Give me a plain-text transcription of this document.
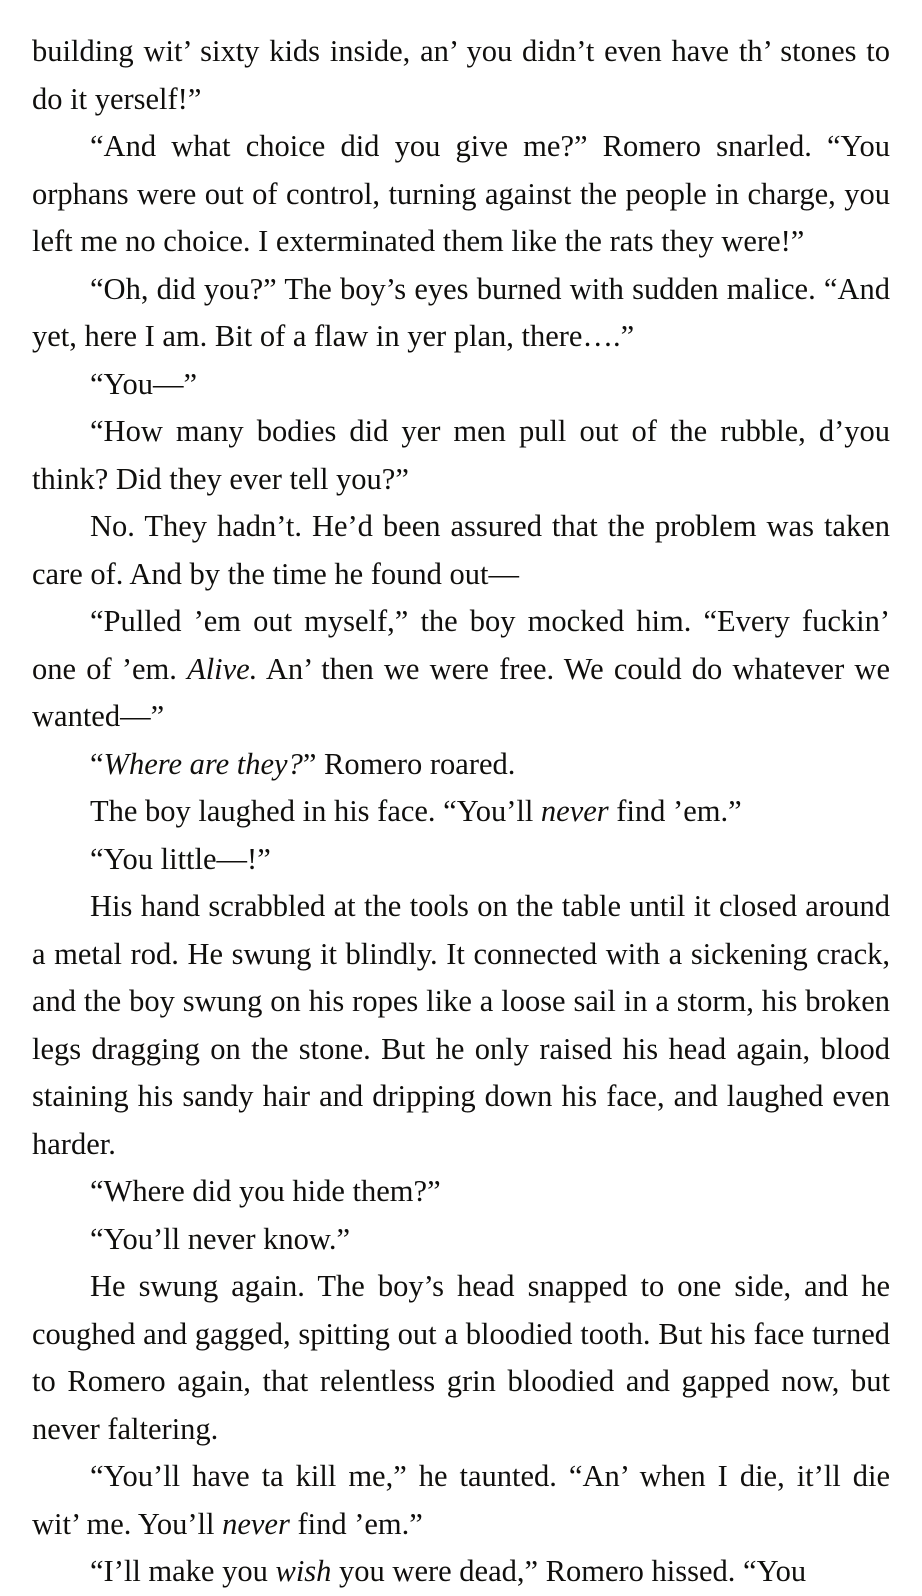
building wit’ sixty kids inside, an’ you didn’t even have th’ stones to do it yerself!”

“And what choice did you give me?” Romero snarled. “You orphans were out of control, turning against the people in charge, you left me no choice. I exterminated them like the rats they were!”

“Oh, did you?” The boy’s eyes burned with sudden malice. “And yet, here I am. Bit of a flaw in yer plan, there….”

“You—”

“How many bodies did yer men pull out of the rubble, d’you think? Did they ever tell you?”

No. They hadn’t. He’d been assured that the problem was taken care of. And by the time he found out—

“Pulled ’em out myself,” the boy mocked him. “Every fuckin’ one of ’em. Alive. An’ then we were free. We could do whatever we wanted—”

“Where are they?” Romero roared.

The boy laughed in his face. “You’ll never find ’em.”

“You little—!”

His hand scrabbled at the tools on the table until it closed around a metal rod. He swung it blindly. It connected with a sickening crack, and the boy swung on his ropes like a loose sail in a storm, his broken legs dragging on the stone. But he only raised his head again, blood staining his sandy hair and dripping down his face, and laughed even harder.

“Where did you hide them?”

“You’ll never know.”

He swung again. The boy’s head snapped to one side, and he coughed and gagged, spitting out a bloodied tooth. But his face turned to Romero again, that relentless grin bloodied and gapped now, but never faltering.

“You’ll have ta kill me,” he taunted. “An’ when I die, it’ll die wit’ me. You’ll never find ’em.”

“I’ll make you wish you were dead,” Romero hissed. “You
